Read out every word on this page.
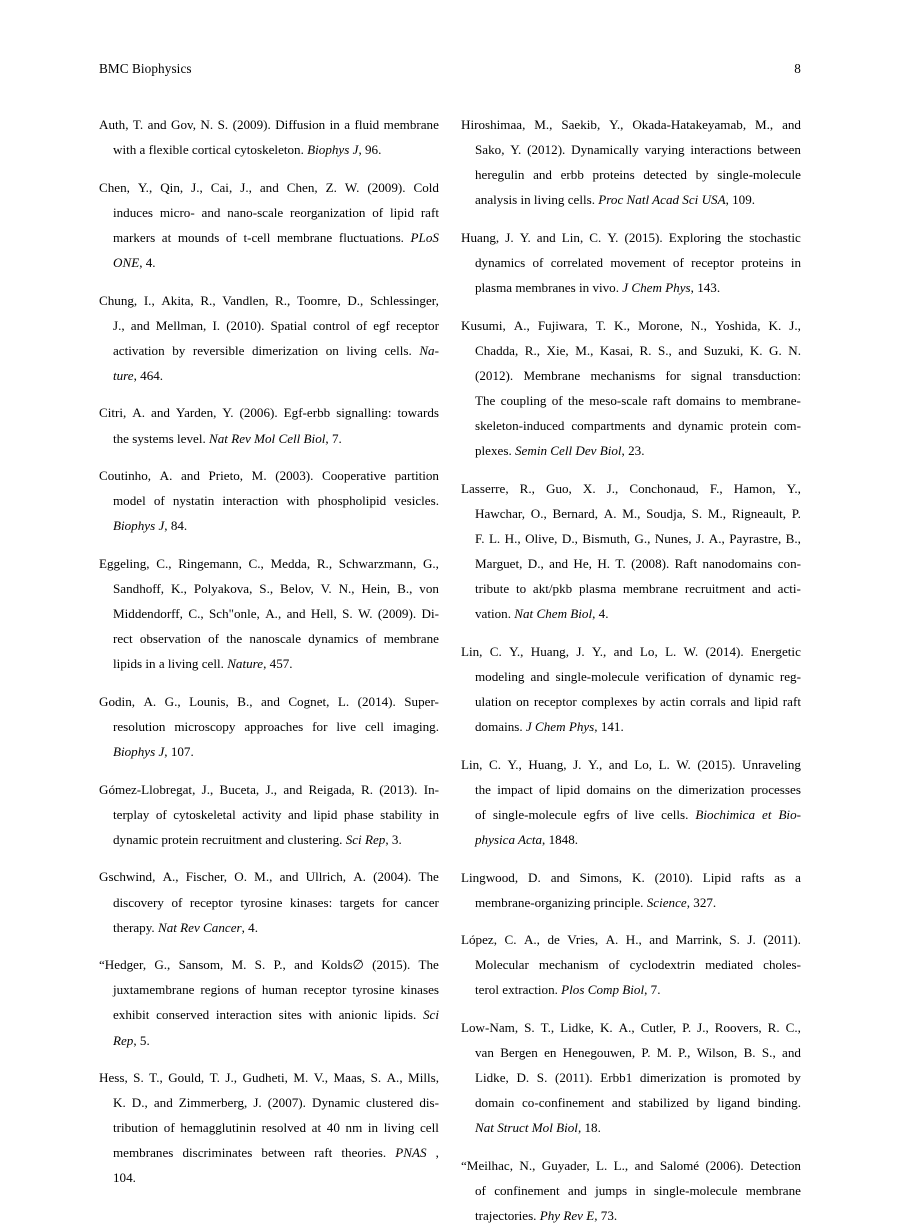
BMC Biophysics	8
Auth, T. and Gov, N. S. (2009). Diffusion in a fluid membrane
with a flexible cortical cytoskeleton. Biophys J , 96.
Chen, Y., Qin, J., Cai, J., and Chen, Z. W. (2009). Cold
induces micro- and nano-scale reorganization of lipid raft
markers at mounds of t-cell membrane fluctuations. PLoS
ONE , 4.
Chung, I., Akita, R., Vandlen, R., Toomre, D., Schlessinger,
J., and Mellman, I. (2010). Spatial control of egf receptor
activation by reversible dimerization on living cells. Na-
ture , 464.
Citri, A. and Yarden, Y. (2006). Egf-erbb signalling: towards
the systems level. Nat Rev Mol Cell Biol , 7.
Coutinho, A. and Prieto, M. (2003). Cooperative partition
model of nystatin interaction with phospholipid vesicles.
Biophys J , 84.
Eggeling, C., Ringemann, C., Medda, R., Schwarzmann, G.,
Sandhoff, K., Polyakova, S., Belov, V. N., Hein, B., von
Middendorff, C., Sch"onle, A., and Hell, S. W. (2009). Di-
rect observation of the nanoscale dynamics of membrane
lipids in a living cell. Nature , 457.
Godin, A. G., Lounis, B., and Cognet, L. (2014). Super-
resolution microscopy approaches for live cell imaging.
Biophys J , 107.
Gómez-Llobregat, J., Buceta, J., and Reigada, R. (2013). In-
terplay of cytoskeletal activity and lipid phase stability in
dynamic protein recruitment and clustering. Sci Rep , 3.
Gschwind, A., Fischer, O. M., and Ullrich, A. (2004). The
discovery of receptor tyrosine kinases: targets for cancer
therapy. Nat Rev Cancer , 4.
“Hedger, G., Sansom, M. S. P., and Kolds∅ (2015). The
juxtamembrane regions of human receptor tyrosine kinases
exhibit conserved interaction sites with anionic lipids. Sci
Rep , 5.
Hess, S. T., Gould, T. J., Gudheti, M. V., Maas, S. A., Mills,
K. D., and Zimmerberg, J. (2007). Dynamic clustered dis-
tribution of hemagglutinin resolved at 40 nm in living cell
membranes discriminates between raft theories. PNAS ,
104.
Hiroshimaa, M., Saekib, Y., Okada-Hatakeyamab, M., and
Sako, Y. (2012). Dynamically varying interactions between
heregulin and erbb proteins detected by single-molecule
analysis in living cells. Proc Natl Acad Sci USA , 109.
Huang, J. Y. and Lin, C. Y. (2015). Exploring the stochastic
dynamics of correlated movement of receptor proteins in
plasma membranes in vivo. J Chem Phys , 143.
Kusumi, A., Fujiwara, T. K., Morone, N., Yoshida, K. J.,
Chadda, R., Xie, M., Kasai, R. S., and Suzuki, K. G. N.
(2012). Membrane mechanisms for signal transduction:
The coupling of the meso-scale raft domains to membrane-
skeleton-induced compartments and dynamic protein com-
plexes. Semin Cell Dev Biol , 23.
Lasserre, R., Guo, X. J., Conchonaud, F., Hamon, Y.,
Hawchar, O., Bernard, A. M., Soudja, S. M., Rigneault, P.
F. L. H., Olive, D., Bismuth, G., Nunes, J. A., Payrastre, B.,
Marguet, D., and He, H. T. (2008). Raft nanodomains con-
tribute to akt/pkb plasma membrane recruitment and acti-
vation. Nat Chem Biol , 4.
Lin, C. Y., Huang, J. Y., and Lo, L. W. (2014). Energetic
modeling and single-molecule verification of dynamic reg-
ulation on receptor complexes by actin corrals and lipid raft
domains. J Chem Phys , 141.
Lin, C. Y., Huang, J. Y., and Lo, L. W. (2015). Unraveling
the impact of lipid domains on the dimerization processes
of single-molecule egfrs of live cells. Biochimica et Bio-
physica Acta , 1848.
Lingwood, D. and Simons, K. (2010). Lipid rafts as a
membrane-organizing principle. Science , 327.
López, C. A., de Vries, A. H., and Marrink, S. J. (2011).
Molecular mechanism of cyclodextrin mediated choles-
terol extraction. Plos Comp Biol , 7.
Low-Nam, S. T., Lidke, K. A., Cutler, P. J., Roovers, R. C.,
van Bergen en Henegouwen, P. M. P., Wilson, B. S., and
Lidke, D. S. (2011). Erbb1 dimerization is promoted by
domain co-confinement and stabilized by ligand binding.
Nat Struct Mol Biol , 18.
“Meilhac, N., Guyader, L. L., and Salomé (2006). Detection
of confinement and jumps in single-molecule membrane
trajectories. Phy Rev E , 73.
